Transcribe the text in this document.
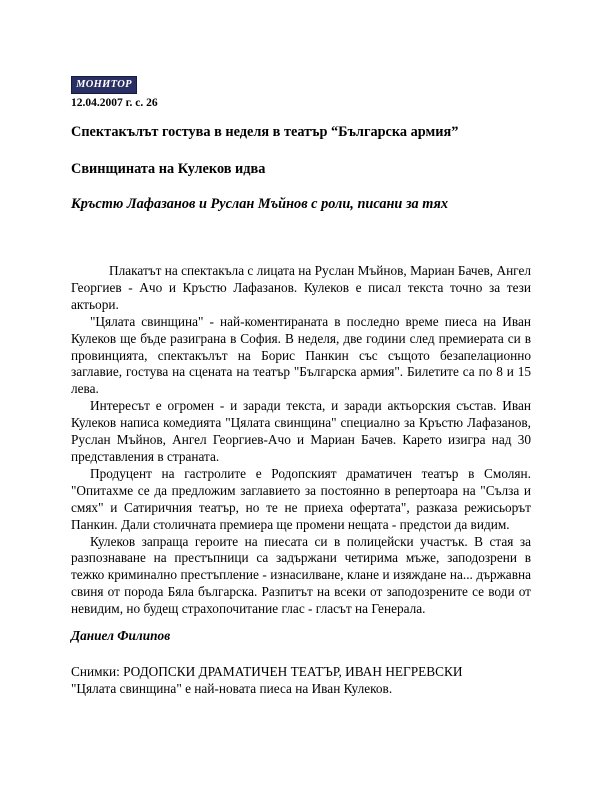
МОНИТОР
12.04.2007 г. с. 26
Спектакълът гостува в неделя в театър “Българска армия”
Свинщината на Кулеков идва
Кръстю Лафазанов и Руслан Мъйнов с роли, писани за тях

Плакатът на спектакъла с лицата на Руслан Мъйнов, Мариан Бачев, Ангел Георгиев - Ачо и Кръстю Лафазанов. Кулеков е писал текста точно за тези актьори.

"Цялата свинщина" - най-коментираната в последно време пиеса на Иван Кулеков ще бъде разиграна в София. В неделя, две години след премиерата си в провинцията, спектакълът на Борис Панкин със същото безапелационно заглавие, гостува на сцената на театър "Българска армия". Билетите са по 8 и 15 лева.

Интересът е огромен - и заради текста, и заради актьорския състав. Иван Кулеков написа комедията "Цялата свинщина" специално за Кръстю Лафазанов, Руслан Мъйнов, Ангел Георгиев-Ачо и Мариан Бачев. Карето изигра над 30 представления в страната.

Продуцент на гастролите е Родопският драматичен театър в Смолян. "Опитахме се да предложим заглавието за постоянно в репертоара на "Сълза и смях" и Сатиричния театър, но те не приеха офертата", разказа режисьорът Панкин. Дали столичната премиера ще промени нещата - предстои да видим.

Кулеков запраща героите на пиесата си в полицейски участък. В стая за разпознаване на престъпници са задържани четирима мъже, заподозрени в тежко криминално престъпление - изнасилване, клане и изяждане на... държавна свиня от порода Бяла българска. Разпитът на всеки от заподозрените се води от невидим, но будещ страхопочитание глас - гласът на Генерала.

Даниел Филипов
Снимки: РОДОПСКИ ДРАМАТИЧЕН ТЕАТЪР, ИВАН НЕГРЕВСКИ
"Цялата свинщина" е най-новата пиеса на Иван Кулеков.
